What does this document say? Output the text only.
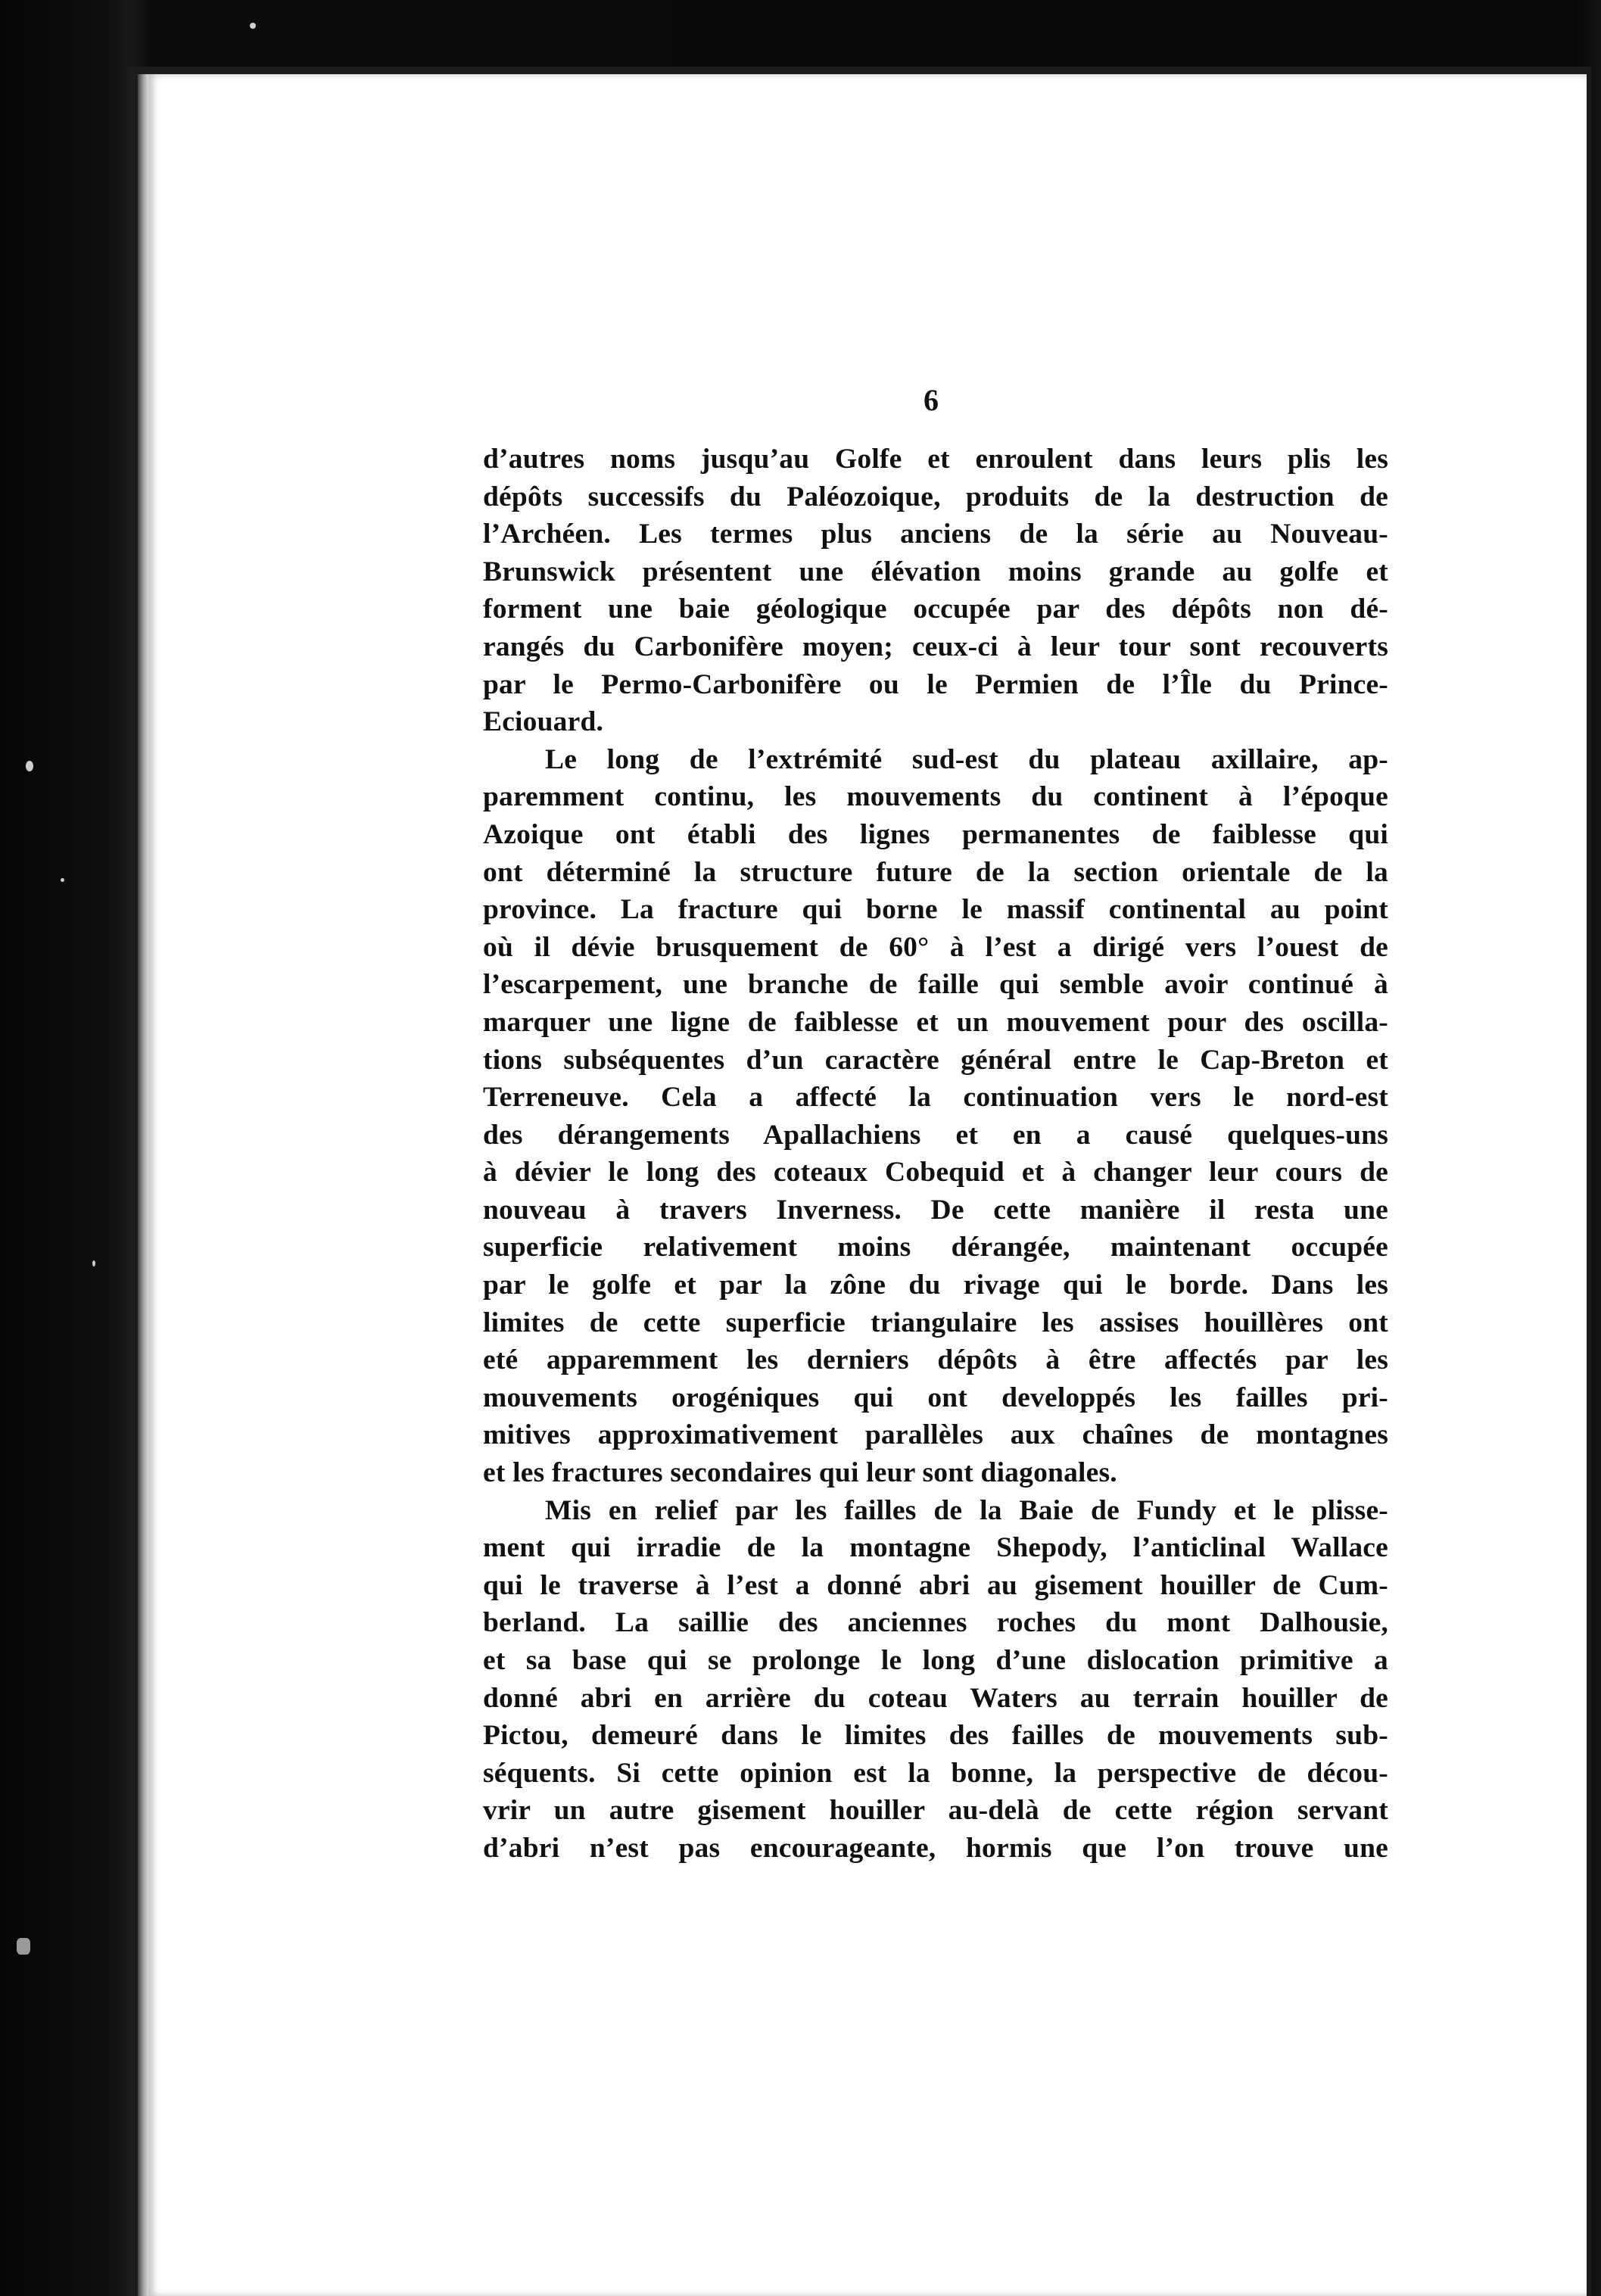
6
d’autres noms jusqu’au Golfe et enroulent dans leurs plis les
dépôts successifs du Paléozoique, produits de la destruction de
l’Archéen. Les termes plus anciens de la série au Nouveau-
Brunswick présentent une élévation moins grande au golfe et
forment une baie géologique occupée par des dépôts non dé-
rangés du Carbonifère moyen; ceux-ci à leur tour sont recouverts
par le Permo-Carbonifère ou le Permien de l’Île du Prince-
Eciouard.
Le long de l’extrémité sud-est du plateau axillaire, ap-
paremment continu, les mouvements du continent à l’époque
Azoique ont établi des lignes permanentes de faiblesse qui
ont déterminé la structure future de la section orientale de la
province. La fracture qui borne le massif continental au point
où il dévie brusquement de 60° à l’est a dirigé vers l’ouest de
l’escarpement, une branche de faille qui semble avoir continué à
marquer une ligne de faiblesse et un mouvement pour des oscilla-
tions subséquentes d’un caractère général entre le Cap-Breton et
Terreneuve. Cela a affecté la continuation vers le nord-est
des dérangements Apallachiens et en a causé quelques-uns
à dévier le long des coteaux Cobequid et à changer leur cours de
nouveau à travers Inverness. De cette manière il resta une
superficie relativement moins dérangée, maintenant occupée
par le golfe et par la zône du rivage qui le borde. Dans les
limites de cette superficie triangulaire les assises houillères ont
eté apparemment les derniers dépôts à être affectés par les
mouvements orogéniques qui ont developpés les failles pri-
mitives approximativement parallèles aux chaînes de montagnes
et les fractures secondaires qui leur sont diagonales.
Mis en relief par les failles de la Baie de Fundy et le plisse-
ment qui irradie de la montagne Shepody, l’anticlinal Wallace
qui le traverse à l’est a donné abri au gisement houiller de Cum-
berland. La saillie des anciennes roches du mont Dalhousie,
et sa base qui se prolonge le long d’une dislocation primitive a
donné abri en arrière du coteau Waters au terrain houiller de
Pictou, demeuré dans le limites des failles de mouvements sub-
séquents. Si cette opinion est la bonne, la perspective de décou-
vrir un autre gisement houiller au-delà de cette région servant
d’abri n’est pas encourageante, hormis que l’on trouve une
